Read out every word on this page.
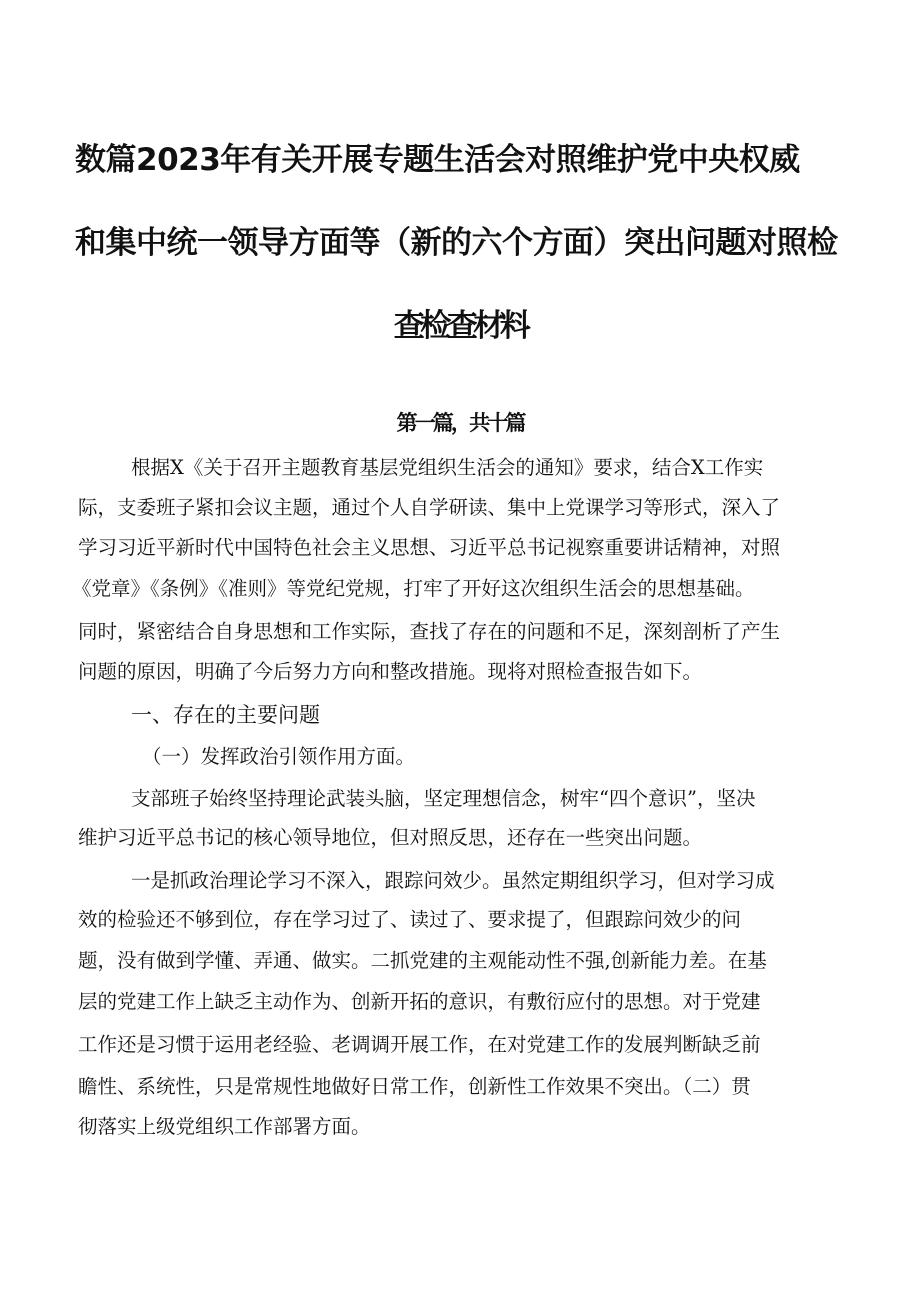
数篇2023年有关开展专题生活会对照维护党中央权威
和集中统一领导方面等（新的六个方面）突出问题对照检
查检查材料
第一篇，共十篇
根据X《关于召开主题教育基层党组织生活会的通知》要求，结合X工作实
际，支委班子紧扣会议主题，通过个人自学研读、集中上党课学习等形式，深入了
学习习近平新时代中国特色社会主义思想、习近平总书记视察重要讲话精神，对照
《党章》《条例》《准则》等党纪党规，打牢了开好这次组织生活会的思想基础。
同时，紧密结合自身思想和工作实际，查找了存在的问题和不足，深刻剖析了产生
问题的原因，明确了今后努力方向和整改措施。现将对照检查报告如下。
一、存在的主要问题
（一）发挥政治引领作用方面。
支部班子始终坚持理论武装头脑，坚定理想信念，树牢“四个意识”，坚决
维护习近平总书记的核心领导地位，但对照反思，还存在一些突出问题。
一是抓政治理论学习不深入，跟踪问效少。虽然定期组织学习，但对学习成
效的检验还不够到位，存在学习过了、读过了、要求提了，但跟踪问效少的问
题，没有做到学懂、弄通、做实。二抓党建的主观能动性不强,创新能力差。在基
层的党建工作上缺乏主动作为、创新开拓的意识，有敷衍应付的思想。对于党建
工作还是习惯于运用老经验、老调调开展工作，在对党建工作的发展判断缺乏前
瞻性、系统性，只是常规性地做好日常工作，创新性工作效果不突出。（二）贯
彻落实上级党组织工作部署方面。
